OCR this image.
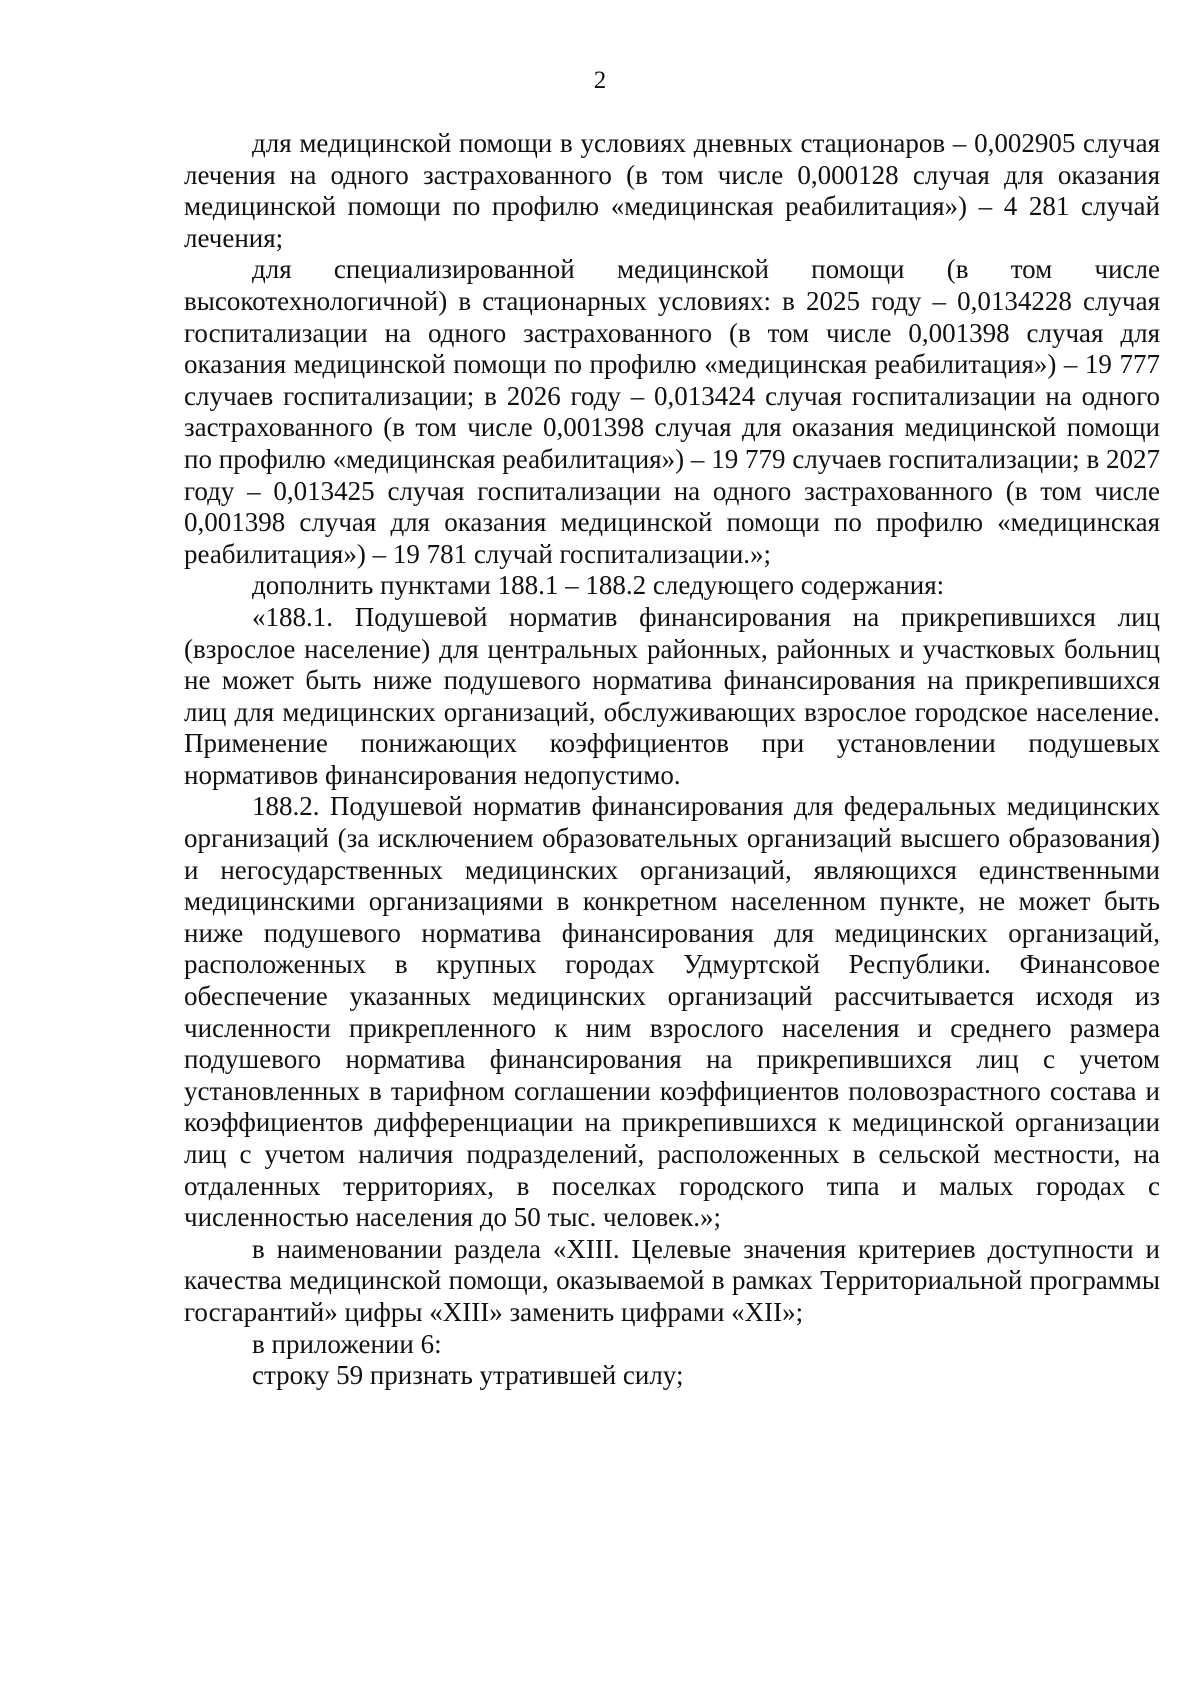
2

для медицинской помощи в условиях дневных стационаров – 0,002905 случая лечения на одного застрахованного (в том числе 0,000128 случая для оказания медицинской помощи по профилю «медицинская реабилитация») – 4 281 случай лечения;

для специализированной медицинской помощи (в том числе высокотехнологичной) в стационарных условиях: в 2025 году – 0,0134228 случая госпитализации на одного застрахованного (в том числе 0,001398 случая для оказания медицинской помощи по профилю «медицинская реабилитация») – 19 777 случаев госпитализации; в 2026 году – 0,013424 случая госпитализации на одного застрахованного (в том числе 0,001398 случая для оказания медицинской помощи по профилю «медицинская реабилитация») – 19 779 случаев госпитализации; в 2027 году – 0,013425 случая госпитализации на одного застрахованного (в том числе 0,001398 случая для оказания медицинской помощи по профилю «медицинская реабилитация») – 19 781 случай госпитализации.»;

дополнить пунктами 188.1 – 188.2 следующего содержания:

«188.1. Подушевой норматив финансирования на прикрепившихся лиц (взрослое население) для центральных районных, районных и участковых больниц не может быть ниже подушевого норматива финансирования на прикрепившихся лиц для медицинских организаций, обслуживающих взрослое городское население. Применение понижающих коэффициентов при установлении подушевых нормативов финансирования недопустимо.

188.2. Подушевой норматив финансирования для федеральных медицинских организаций (за исключением образовательных организаций высшего образования) и негосударственных медицинских организаций, являющихся единственными медицинскими организациями в конкретном населенном пункте, не может быть ниже подушевого норматива финансирования для медицинских организаций, расположенных в крупных городах Удмуртской Республики. Финансовое обеспечение указанных медицинских организаций рассчитывается исходя из численности прикрепленного к ним взрослого населения и среднего размера подушевого норматива финансирования на прикрепившихся лиц с учетом установленных в тарифном соглашении коэффициентов половозрастного состава и коэффициентов дифференциации на прикрепившихся к медицинской организации лиц с учетом наличия подразделений, расположенных в сельской местности, на отдаленных территориях, в поселках городского типа и малых городах с численностью населения до 50 тыс. человек.»;

в наименовании раздела «XIII. Целевые значения критериев доступности и качества медицинской помощи, оказываемой в рамках Территориальной программы госгарантий» цифры «XIII» заменить цифрами «XII»;

в приложении 6:

строку 59 признать утратившей силу;
